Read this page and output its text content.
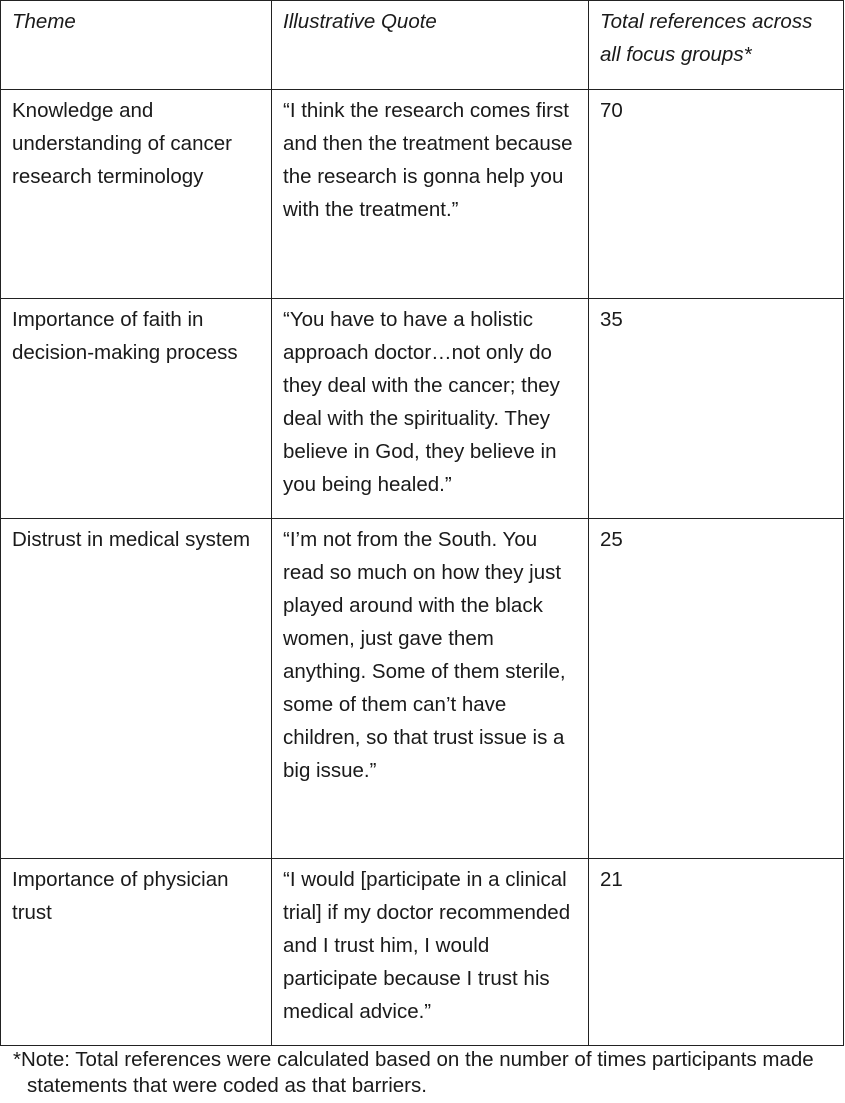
Theme	Illustrative Quote	Total references across all focus groups*
Knowledge and understanding of cancer research terminology	“I think the research comes first and then the treatment because the research is gonna help you with the treatment.”	70
Importance of faith in decision-making process	“You have to have a holistic approach doctor…not only do they deal with the cancer; they deal with the spirituality. They believe in God, they believe in you being healed.”	35
Distrust in medical system	“I’m not from the South. You read so much on how they just played around with the black women, just gave them anything. Some of them sterile, some of them can’t have children, so that trust issue is a big issue.”	25
Importance of physician trust	“I would [participate in a clinical trial] if my doctor recommended and I trust him, I would participate because I trust his medical advice.”	21

*Note: Total references were calculated based on the number of times participants made statements that were coded as that barriers.
